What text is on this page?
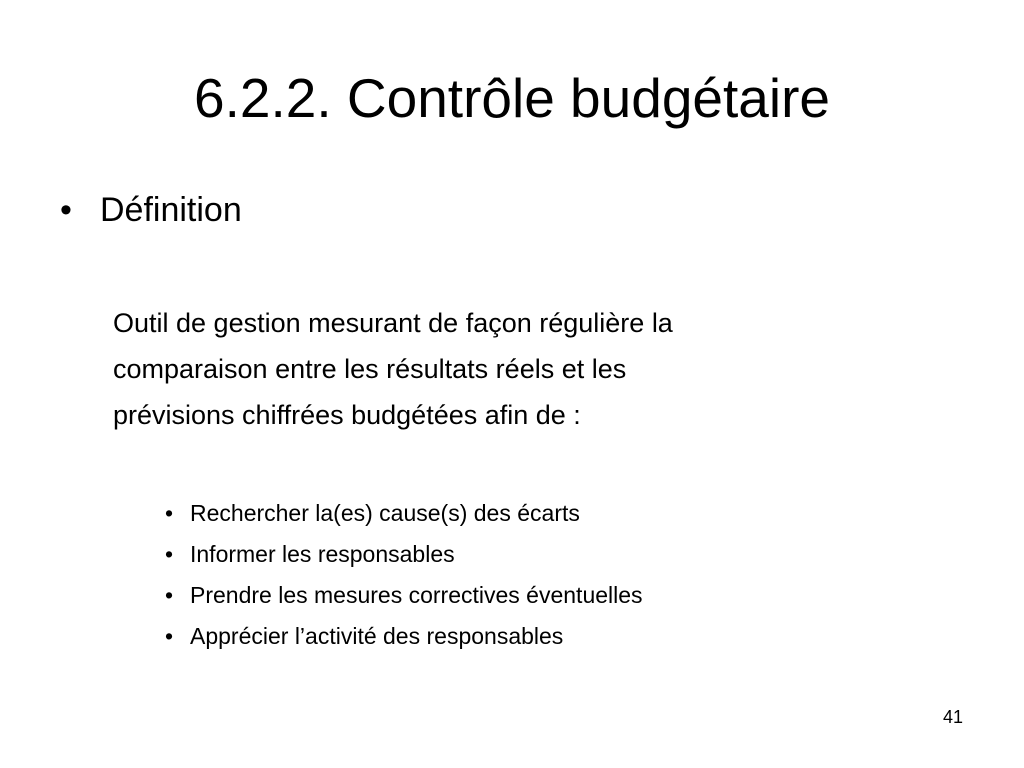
6.2.2. Contrôle budgétaire
• Définition
Outil de gestion mesurant de façon régulière la
comparaison entre les résultats réels et les
prévisions chiffrées budgétées afin de :
• Rechercher la(es) cause(s) des écarts
• Informer les responsables
• Prendre les mesures correctives éventuelles
• Apprécier l’activité des responsables
41
